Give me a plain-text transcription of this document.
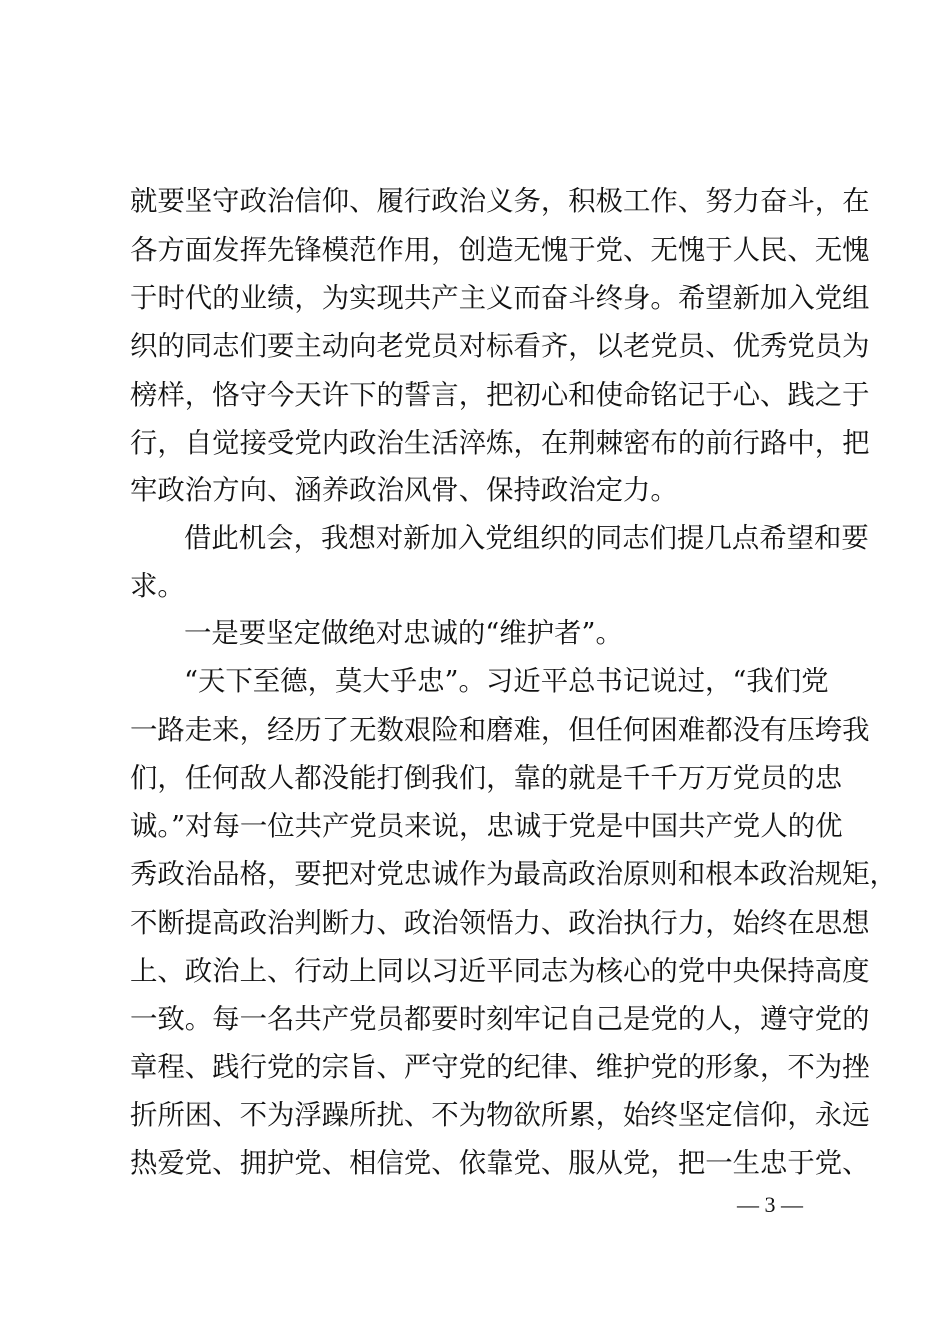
就要坚守政治信仰、履行政治义务，积极工作、努力奋斗，在
各方面发挥先锋模范作用，创造无愧于党、无愧于人民、无愧
于时代的业绩，为实现共产主义而奋斗终身。希望新加入党组
织的同志们要主动向老党员对标看齐，以老党员、优秀党员为
榜样，恪守今天许下的誓言，把初心和使命铭记于心、践之于
行，自觉接受党内政治生活淬炼，在荆棘密布的前行路中，把
牢政治方向、涵养政治风骨、保持政治定力。
借此机会，我想对新加入党组织的同志们提几点希望和要
求。
一是要坚定做绝对忠诚的“维护者”。
“天下至德，莫大乎忠”。习近平总书记说过，“我们党
一路走来，经历了无数艰险和磨难，但任何困难都没有压垮我
们，任何敌人都没能打倒我们，靠的就是千千万万党员的忠
诚。”对每一位共产党员来说，忠诚于党是中国共产党人的优
秀政治品格，要把对党忠诚作为最高政治原则和根本政治规矩，
不断提高政治判断力、政治领悟力、政治执行力，始终在思想
上、政治上、行动上同以习近平同志为核心的党中央保持高度
一致。每一名共产党员都要时刻牢记自己是党的人，遵守党的
章程、践行党的宗旨、严守党的纪律、维护党的形象，不为挫
折所困、不为浮躁所扰、不为物欲所累，始终坚定信仰，永远
热爱党、拥护党、相信党、依靠党、服从党，把一生忠于党、
— 3 —
